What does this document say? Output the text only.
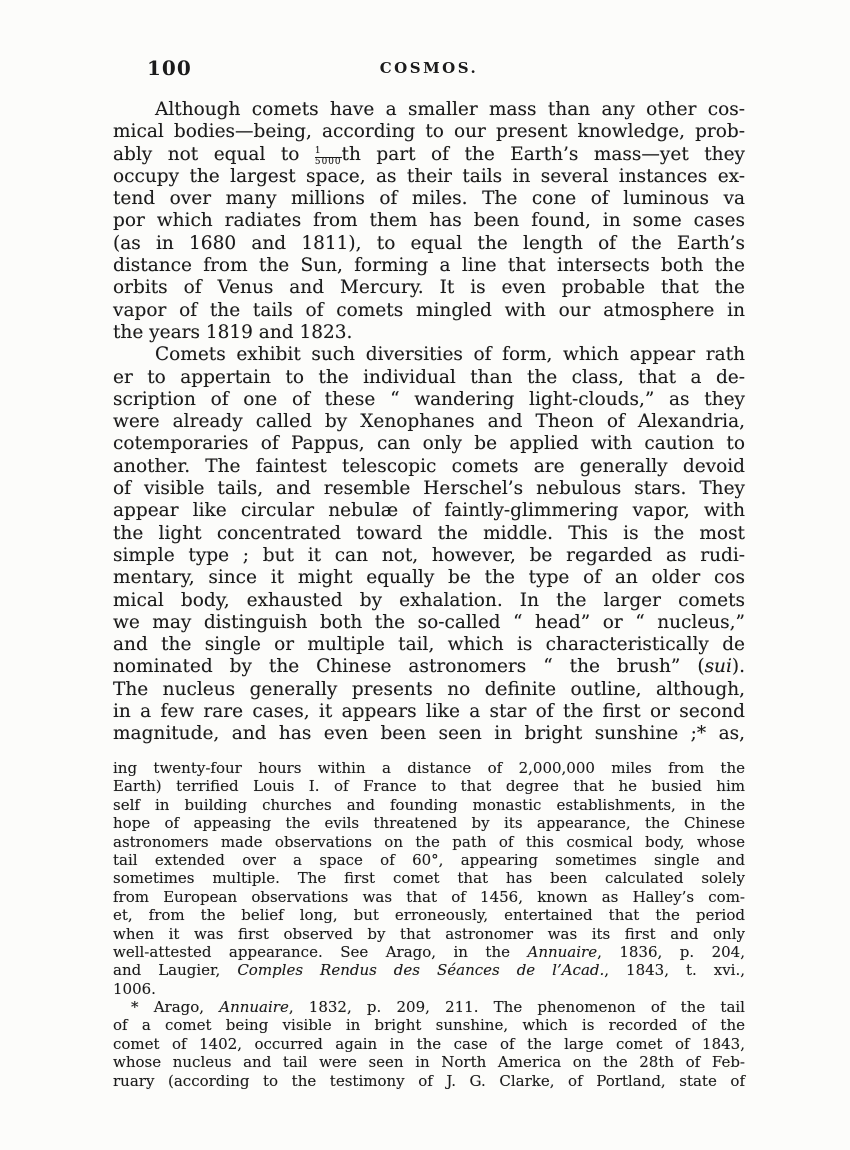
100	COSMOS.
Although comets have a smaller mass than any other cos-
mical bodies—being, according to our present knowledge, prob-
ably not equal to $\frac{1}{5000}$ th part of the Earth’s mass—yet they
occupy the largest space, as their tails in several instances ex-
tend over many millions of miles. The cone of luminous va
por which radiates from them has been found, in some cases
(as in 1680 and 1811), to equal the length of the Earth’s
distance from the Sun, forming a line that intersects both the
orbits of Venus and Mercury. It is even probable that the
vapor of the tails of comets mingled with our atmosphere in
the years 1819 and 1823.
Comets exhibit such diversities of form, which appear rath
er to appertain to the individual than the class, that a de-
scription of one of these “ wandering light-clouds,” as they
were already called by Xenophanes and Theon of Alexandria,
cotemporaries of Pappus, can only be applied with caution to
another. The faintest telescopic comets are generally devoid
of visible tails, and resemble Herschel’s nebulous stars. They
appear like circular nebulæ of faintly-glimmering vapor, with
the light concentrated toward the middle. This is the most
simple type ; but it can not, however, be regarded as rudi-
mentary, since it might equally be the type of an older cos
mical body, exhausted by exhalation. In the larger comets
we may distinguish both the so-called “ head” or “ nucleus,”
and the single or multiple tail, which is characteristically de
nominated by the Chinese astronomers “ the brush” (sui).
The nucleus generally presents no definite outline, although,
in a few rare cases, it appears like a star of the first or second
magnitude, and has even been seen in bright sunshine ;* as,
ing twenty-four hours within a distance of 2,000,000 miles from the
Earth) terrified Louis I. of France to that degree that he busied him
self in building churches and founding monastic establishments, in the
hope of appeasing the evils threatened by its appearance, the Chinese
astronomers made observations on the path of this cosmical body, whose
tail extended over a space of 60°, appearing sometimes single and
sometimes multiple. The first comet that has been calculated solely
from European observations was that of 1456, known as Halley’s com-
et, from the belief long, but erroneously, entertained that the period
when it was first observed by that astronomer was its first and only
well-attested appearance. See Arago, in the Annuaire, 1836, p. 204,
and Laugier, Comples Rendus des Séances de l’Acad., 1843, t. xvi.,
1006.
* Arago, Annuaire, 1832, p. 209, 211. The phenomenon of the tail
of a comet being visible in bright sunshine, which is recorded of the
comet of 1402, occurred again in the case of the large comet of 1843,
whose nucleus and tail were seen in North America on the 28th of Feb-
ruary (according to the testimony of J. G. Clarke, of Portland, state of
